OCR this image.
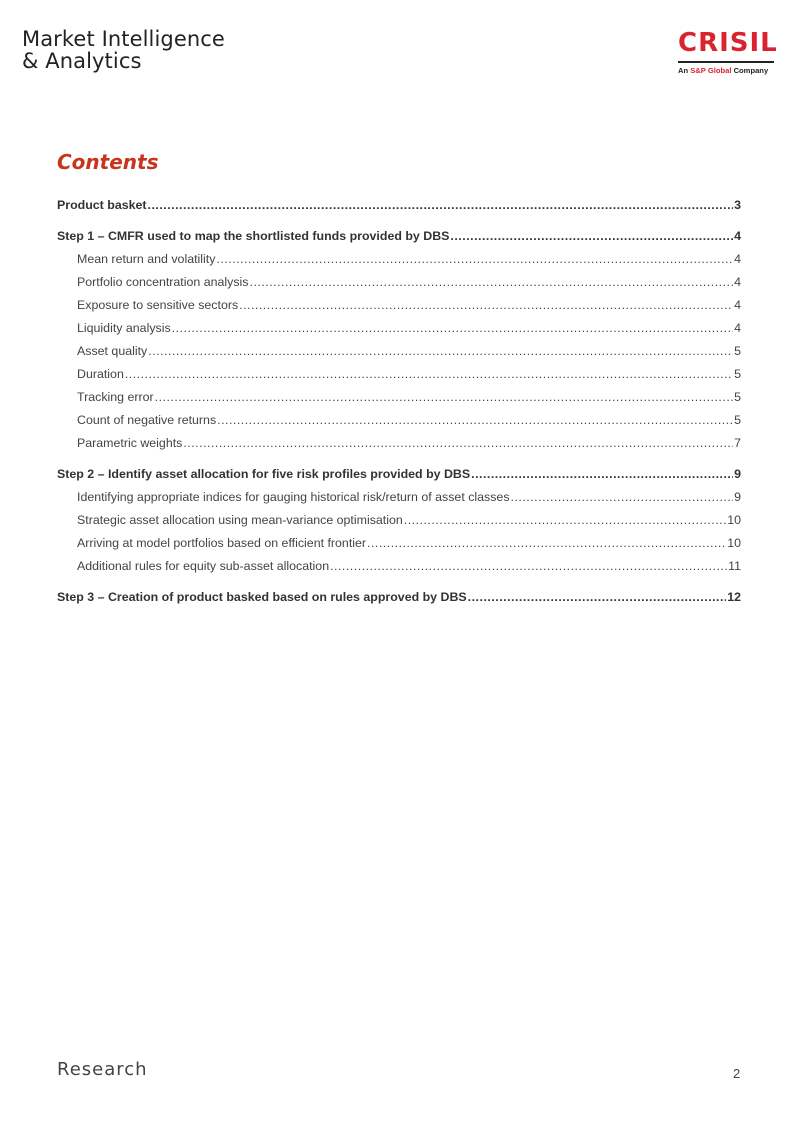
Market Intelligence
& Analytics
CRISIL
An S&P Global Company
Contents
Product basket .....	3
Step 1 – CMFR used to map the shortlisted funds provided by DBS .....	4
Mean return and volatility .....	4
Portfolio concentration analysis .....	4
Exposure to sensitive sectors .....	4
Liquidity analysis .....	4
Asset quality .....	5
Duration .....	5
Tracking error .....	5
Count of negative returns .....	5
Parametric weights .....	7
Step 2 – Identify asset allocation for five risk profiles provided by DBS .....	9
Identifying appropriate indices for gauging historical risk/return of asset classes .....	9
Strategic asset allocation using mean-variance optimisation .....	10
Arriving at model portfolios based on efficient frontier .....	10
Additional rules for equity sub-asset allocation .....	11
Step 3 – Creation of product basked based on rules approved by DBS .....	12
Research	2
